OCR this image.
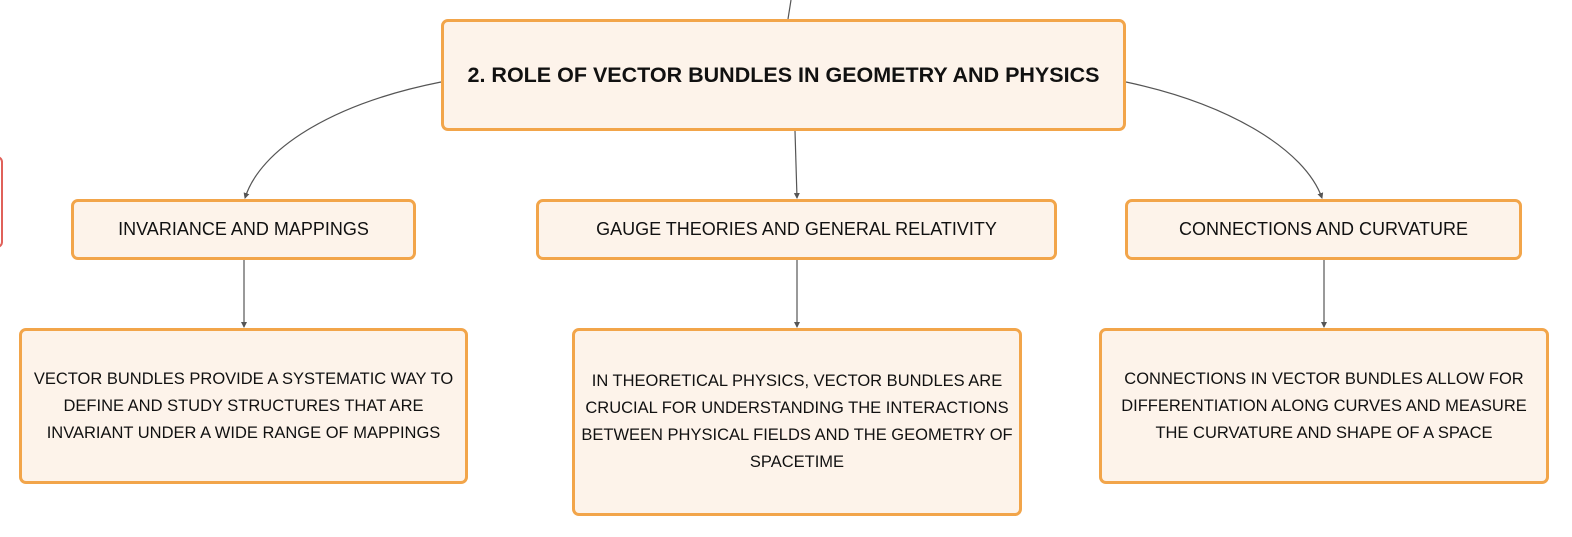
2. ROLE OF VECTOR BUNDLES IN GEOMETRY AND PHYSICS
INVARIANCE AND MAPPINGS	GAUGE THEORIES AND GENERAL RELATIVITY	CONNECTIONS AND CURVATURE
VECTOR BUNDLES PROVIDE A SYSTEMATIC WAY TO DEFINE AND STUDY STRUCTURES THAT ARE INVARIANT UNDER A WIDE RANGE OF MAPPINGS
IN THEORETICAL PHYSICS, VECTOR BUNDLES ARE CRUCIAL FOR UNDERSTANDING THE INTERACTIONS BETWEEN PHYSICAL FIELDS AND THE GEOMETRY OF SPACETIME
CONNECTIONS IN VECTOR BUNDLES ALLOW FOR DIFFERENTIATION ALONG CURVES AND MEASURE THE CURVATURE AND SHAPE OF A SPACE
